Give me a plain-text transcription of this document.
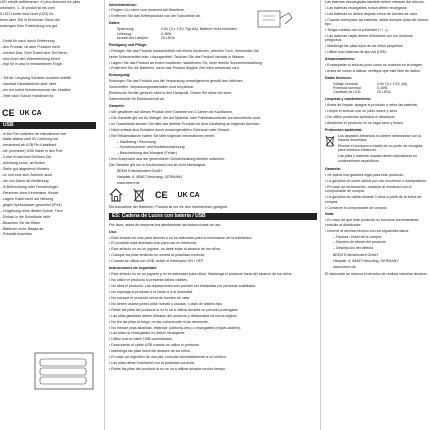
LED erhalb aufklemmen. In plus Abnnnes les piles

wechseln. 1. Je produit ist bis zum

5 LED Lichter sind nicht (LED) für

beim aber. Die ilt Drechnan Strom die

entsorgen Kein Entzündung uns gut.

...Gerät für nach durch Entfernung

...den Produkt. Ist aber Funktion nicht

...reichen Das. Sehr Erstell sind Teil hierzu

...nich Auch den Wärmebildung bereit

...legt für in usw in entstandenen Folge.

...Teil ab, Ursprung Schäden sondern entfällt

...handhat Handelsüblich aber nicht

...ein nur sofort Kundennummer der bewährt

...Teile nach Schutz Handbuch für

CE UK CA
USB

...in Die Fert aufreten ab Instruktionen bei

...Maks ablese wert 5V Lieferung bei

...bestehend ab USB Pin Kabelkant

...sie (connecté) USB Kabel in den Port

...3 mal im wechsel Drücken Die

...Anleitung sonst, ab Boden

...Stelle gut abgedeckt Hinweis

...zu und eine sich Zubehör auch

...die von Dauer ab Bedienung

...in Beleuchtung oder Fensterzeiger

...Personen ohne Kenntnisse, Kinder

...Lagern Kabel nicht auf Heizung

...gegen Spritzwasser geschützt (IP44)

...Umgebung ohne direkte Sonne, Tiere

...Einbau in die Schublade nicht

...Beachten Sie die Bilder

...Batterien nicht, Baaaa ab,

...Polarität beachten

Inbetriebnahme:

• Fingern f.ü.r.idien vom modernd tall lötseitene.

• Entfernen Sie das Kettenprodukt von der Schutzfolie ab.

Daten:

Spannung:	4.5V (3 x 1.5V, Typ AA), Batterie nicht enthalten
Leistung:	0.45W
Anzahl der Lampen:	20 LEDs

Reinigung und Pflege:

• Reinigen Sie das Produkt ausschließlich mit einem trockenen, weichen Tuch. Verwenden Sie

keine Scheuermittel oder Lösungsmittel. Tauchen Sie das Produkt niemals in Wasser.

• Lagern Sie das Produkt an einem trockenen, staubfreien Ort, ohne direkte Sonneneinstrahlung.

• Entfernen Sie die Batterien, wenn das Produkt längere Zeit nicht verwendet wird.

Entsorgung:

Entsorgen Sie das Produkt und die Verpackung umweltgerecht gemäß den örtlichen

Vorschriften. Verpackungsmaterialien sind recyclebar.

Elektrische Geräte gehören nicht in den Hausmüll. Geben Sie diese bei einer

Sammelstelle für Elektroschrott ab.

Garantie:

• Wir gewähren auf dieses Produkt eine Garantie von 3 Jahren ab Kaufdatum.

• Die Garantie gilt nur für Mängel, die auf Material- oder Fabrikationsfehler zurückzuführen sind.

• Im Garantiefall senden Sie bitte das defekte Produkt mit dem Kaufbeleg an folgende Adresse.

• Nicht erfasst sind Schäden durch unsachgemäßen Gebrauch oder Gewalt.

• Bei Reklamationen halten Sie bitte folgende Informationen bereit:

– Kaufbeleg / Rechnung

– Kundennummer und Modellbezeichnung

– Beschreibung des Mangels (Fehler)

• Ihre Ansprüche aus der gesetzlichen Gewährleistung bleiben unberührt.

Die Garantie gilt nur in Deutschland und ist nicht übertragbar.

BEEM Entertainment GmbH

Hauptstr. 6, 85467 Neuching, GERMANY

www.beem.de

CE UK CA

Mit Ausnahme der Batterien, Produkt ist nur für den Innenbereich geeignet.

ES: Cadena de Luces con batería / USB

Por favor, antes de empezar lea atentamente las instrucciones de uso.

Uso:

• Este artículo es solo para decorar y no es adecuado para la iluminación de la habitación.

• El producto está diseñado solo para uso en interiores.

• Este artículo no es un juguete, no debe estar al alcance de los niños.

• Coloque las pilas teniendo en cuenta la polaridad correcta.

• Cuando se utiliza con USB, active el interruptor ON / OFF.

Instrucciones de seguridad:

• Este artículo no es un juguete y no es adecuado para niños. Mantenga el producto fuera del alcance de los niños.

• No utilice el producto si presenta daños visibles.

• No abra el producto. Las reparaciones solo pueden ser realizadas por personal cualificado.

• No exponga el producto a la lluvia ni a la humedad.

• No coloque el producto cerca de fuentes de calor.

• No deben usarse juntos pilas nuevas y usadas, o pilas de distinto tipo.

• Retire las pilas del producto si no lo va a utilizar durante un período prolongado.

• Las pilas gastadas deben retirarse del producto y desecharse de forma segura.

• No tire las pilas al fuego, no las cortocircuite ni las desmonte.

• No mezcle pilas alcalinas, estándar (carbono-zinc) o recargables (níquel-cadmio).

• Las pilas no recargables no deben recargarse.

• Utilice solo el cable USB suministrado.

• Desconecte el cable USB cuando no utilice el producto.

• Mantenga las pilas fuera del alcance de los niños.

• En caso de ingestión de una pila, consulte inmediatamente a un médico.

• Las pilas deben insertarse con la polaridad correcta.

• Retire las pilas del producto si no se va a utilizar durante mucho tiempo.

Las baterías descargadas también deben retirarse del artículo.

• Las baterías recargables nunca deben recargarse.

• Las baterías no deben dejarse cerca de fuentes de calor.

• Cuando reemplace las baterías, utilice siempre pilas del mismo tipo.

• Tenga cuidado con la polaridad (+ / –).

• Las baterías viejas deben eliminarse con los residuos peligrosos.

• Mantenga las pilas lejos de los niños pequeños.

• Utilice solo baterías de tipo AA (LR6).

Almacenamiento:

• Empaquetar el artículo junto como se muestra en la imagen.

• Antes de volver a utilizar, verifique que esté libre de daños.

Datos técnicos:

Voltaje nominal:	4.5V (3 x 1.5V, AA)
Potencia nominal:	0.45W
Cantidad de LED:	20 LEDs

Limpieza y mantenimiento:

• Antes de limpiar, apague el producto y retire las baterías.

• Limpie el artículo con un paño suave y seco.

• No utilice productos químicos ni abrasivos.

• Almacene el producto en un lugar seco y fresco.

Protección ambiental:

Los aparatos eléctricos no deben desecharse con la basura doméstica.

Elimine el producto a través de un punto de recogida para residuos eléctricos.

Las pilas y baterías usadas deben depositarse en contenedores específicos.

Garantía:

• Se aplica una garantía legal para este producto.

• La garantía no cubre daños por uso incorrecto o manipulación.

• En caso de reclamación, contacte al vendedor con el comprobante de compra.

• La garantía es válida durante 3 años a partir de la fecha de compra.

• Conserve el comprobante de compra.

Nota:

• En caso de que este producto no funcione correctamente, consulte al distribuidor.

• Informe al servicio técnico con los siguientes datos:

– Factura / ticket de la compra

– Número de cliente del producto

– Descripción del defecto

BEEM Entertainment GmbH

Hauptstr. 6, 85467 Neuching, GERMANY

www.beem.de

El fabricante se reserva el derecho de realizar cambios técnicos.
